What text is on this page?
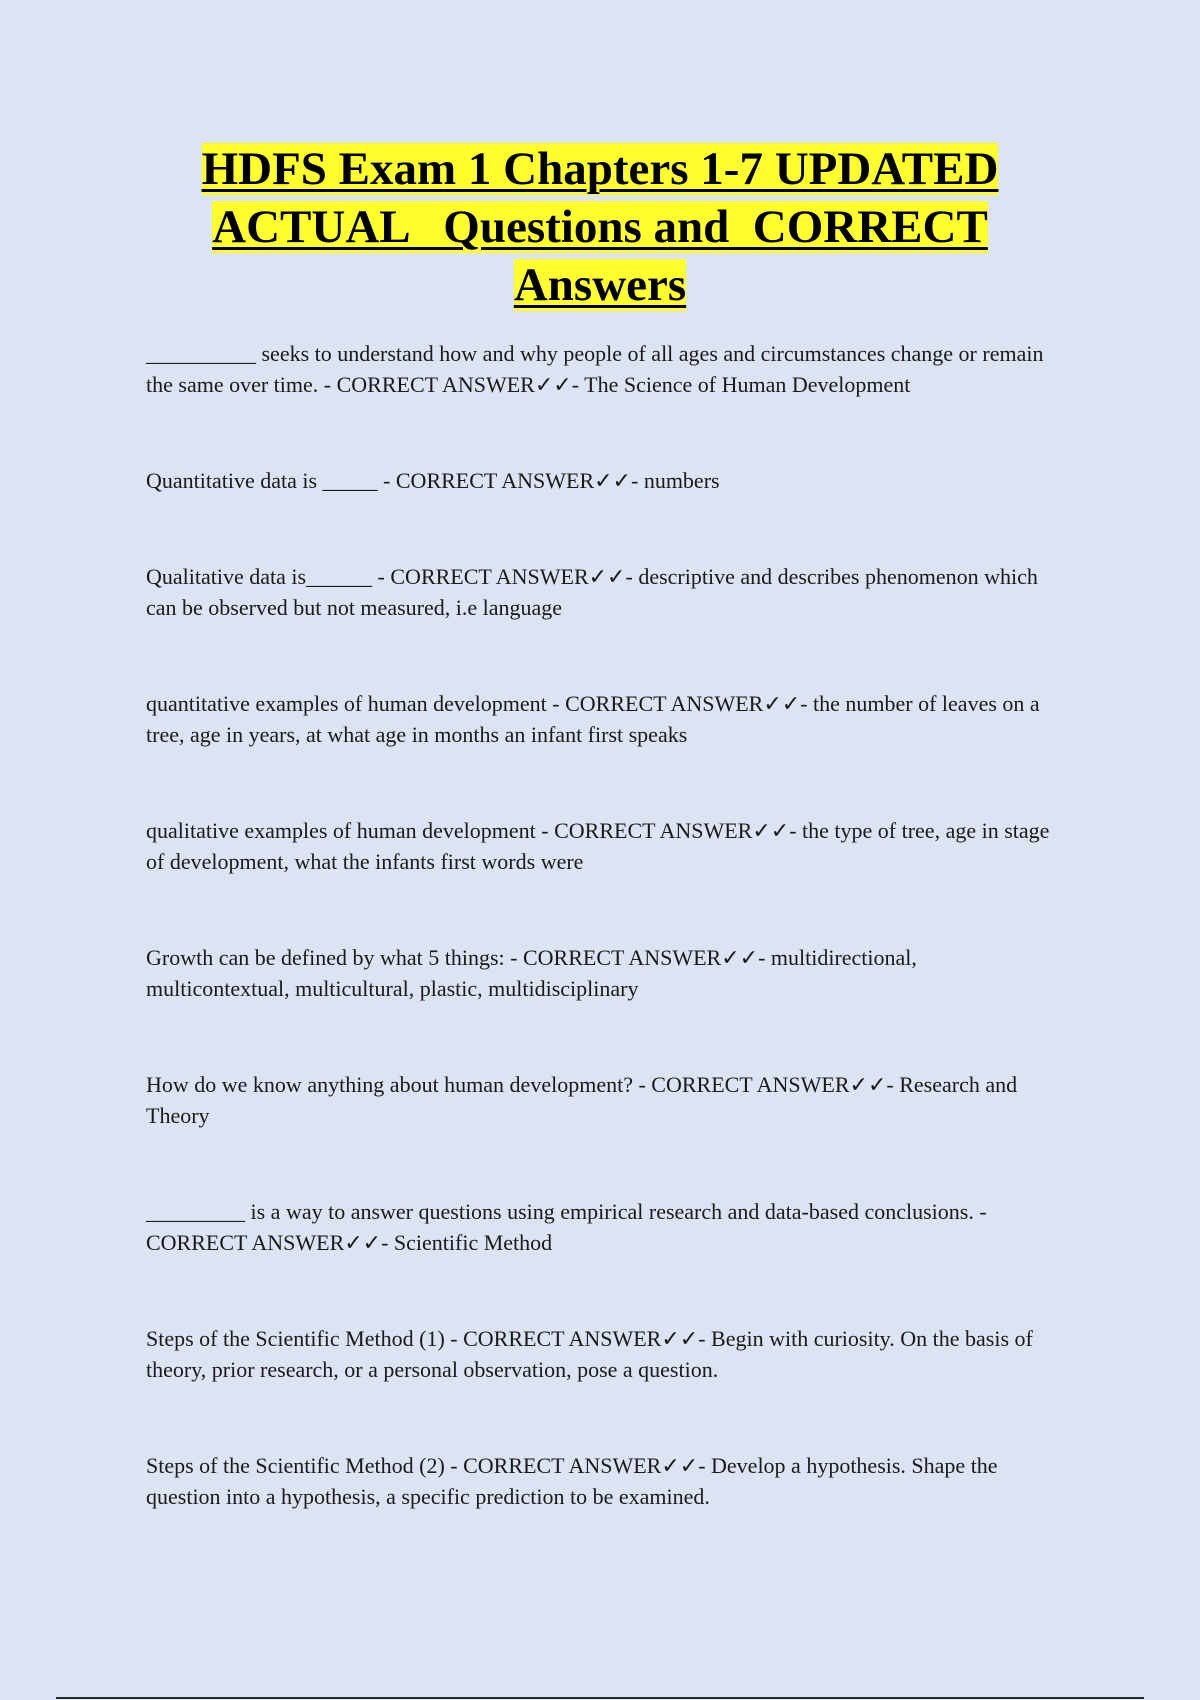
HDFS Exam 1 Chapters 1-7 UPDATED
ACTUAL   Questions and  CORRECT
Answers

__________ seeks to understand how and why people of all ages and circumstances change or remain the same over time. - CORRECT ANSWER✓✓- The Science of Human Development

Quantitative data is _____ - CORRECT ANSWER✓✓- numbers

Qualitative data is______ - CORRECT ANSWER✓✓- descriptive and describes phenomenon which can be observed but not measured, i.e language

quantitative examples of human development - CORRECT ANSWER✓✓- the number of leaves on a tree, age in years, at what age in months an infant first speaks

qualitative examples of human development - CORRECT ANSWER✓✓- the type of tree, age in stage of development, what the infants first words were

Growth can be defined by what 5 things: - CORRECT ANSWER✓✓- multidirectional, multicontextual, multicultural, plastic, multidisciplinary

How do we know anything about human development? - CORRECT ANSWER✓✓- Research and Theory

_________ is a way to answer questions using empirical research and data-based conclusions. - CORRECT ANSWER✓✓- Scientific Method

Steps of the Scientific Method (1) - CORRECT ANSWER✓✓- Begin with curiosity. On the basis of theory, prior research, or a personal observation, pose a question.

Steps of the Scientific Method (2) - CORRECT ANSWER✓✓- Develop a hypothesis. Shape the question into a hypothesis, a specific prediction to be examined.
